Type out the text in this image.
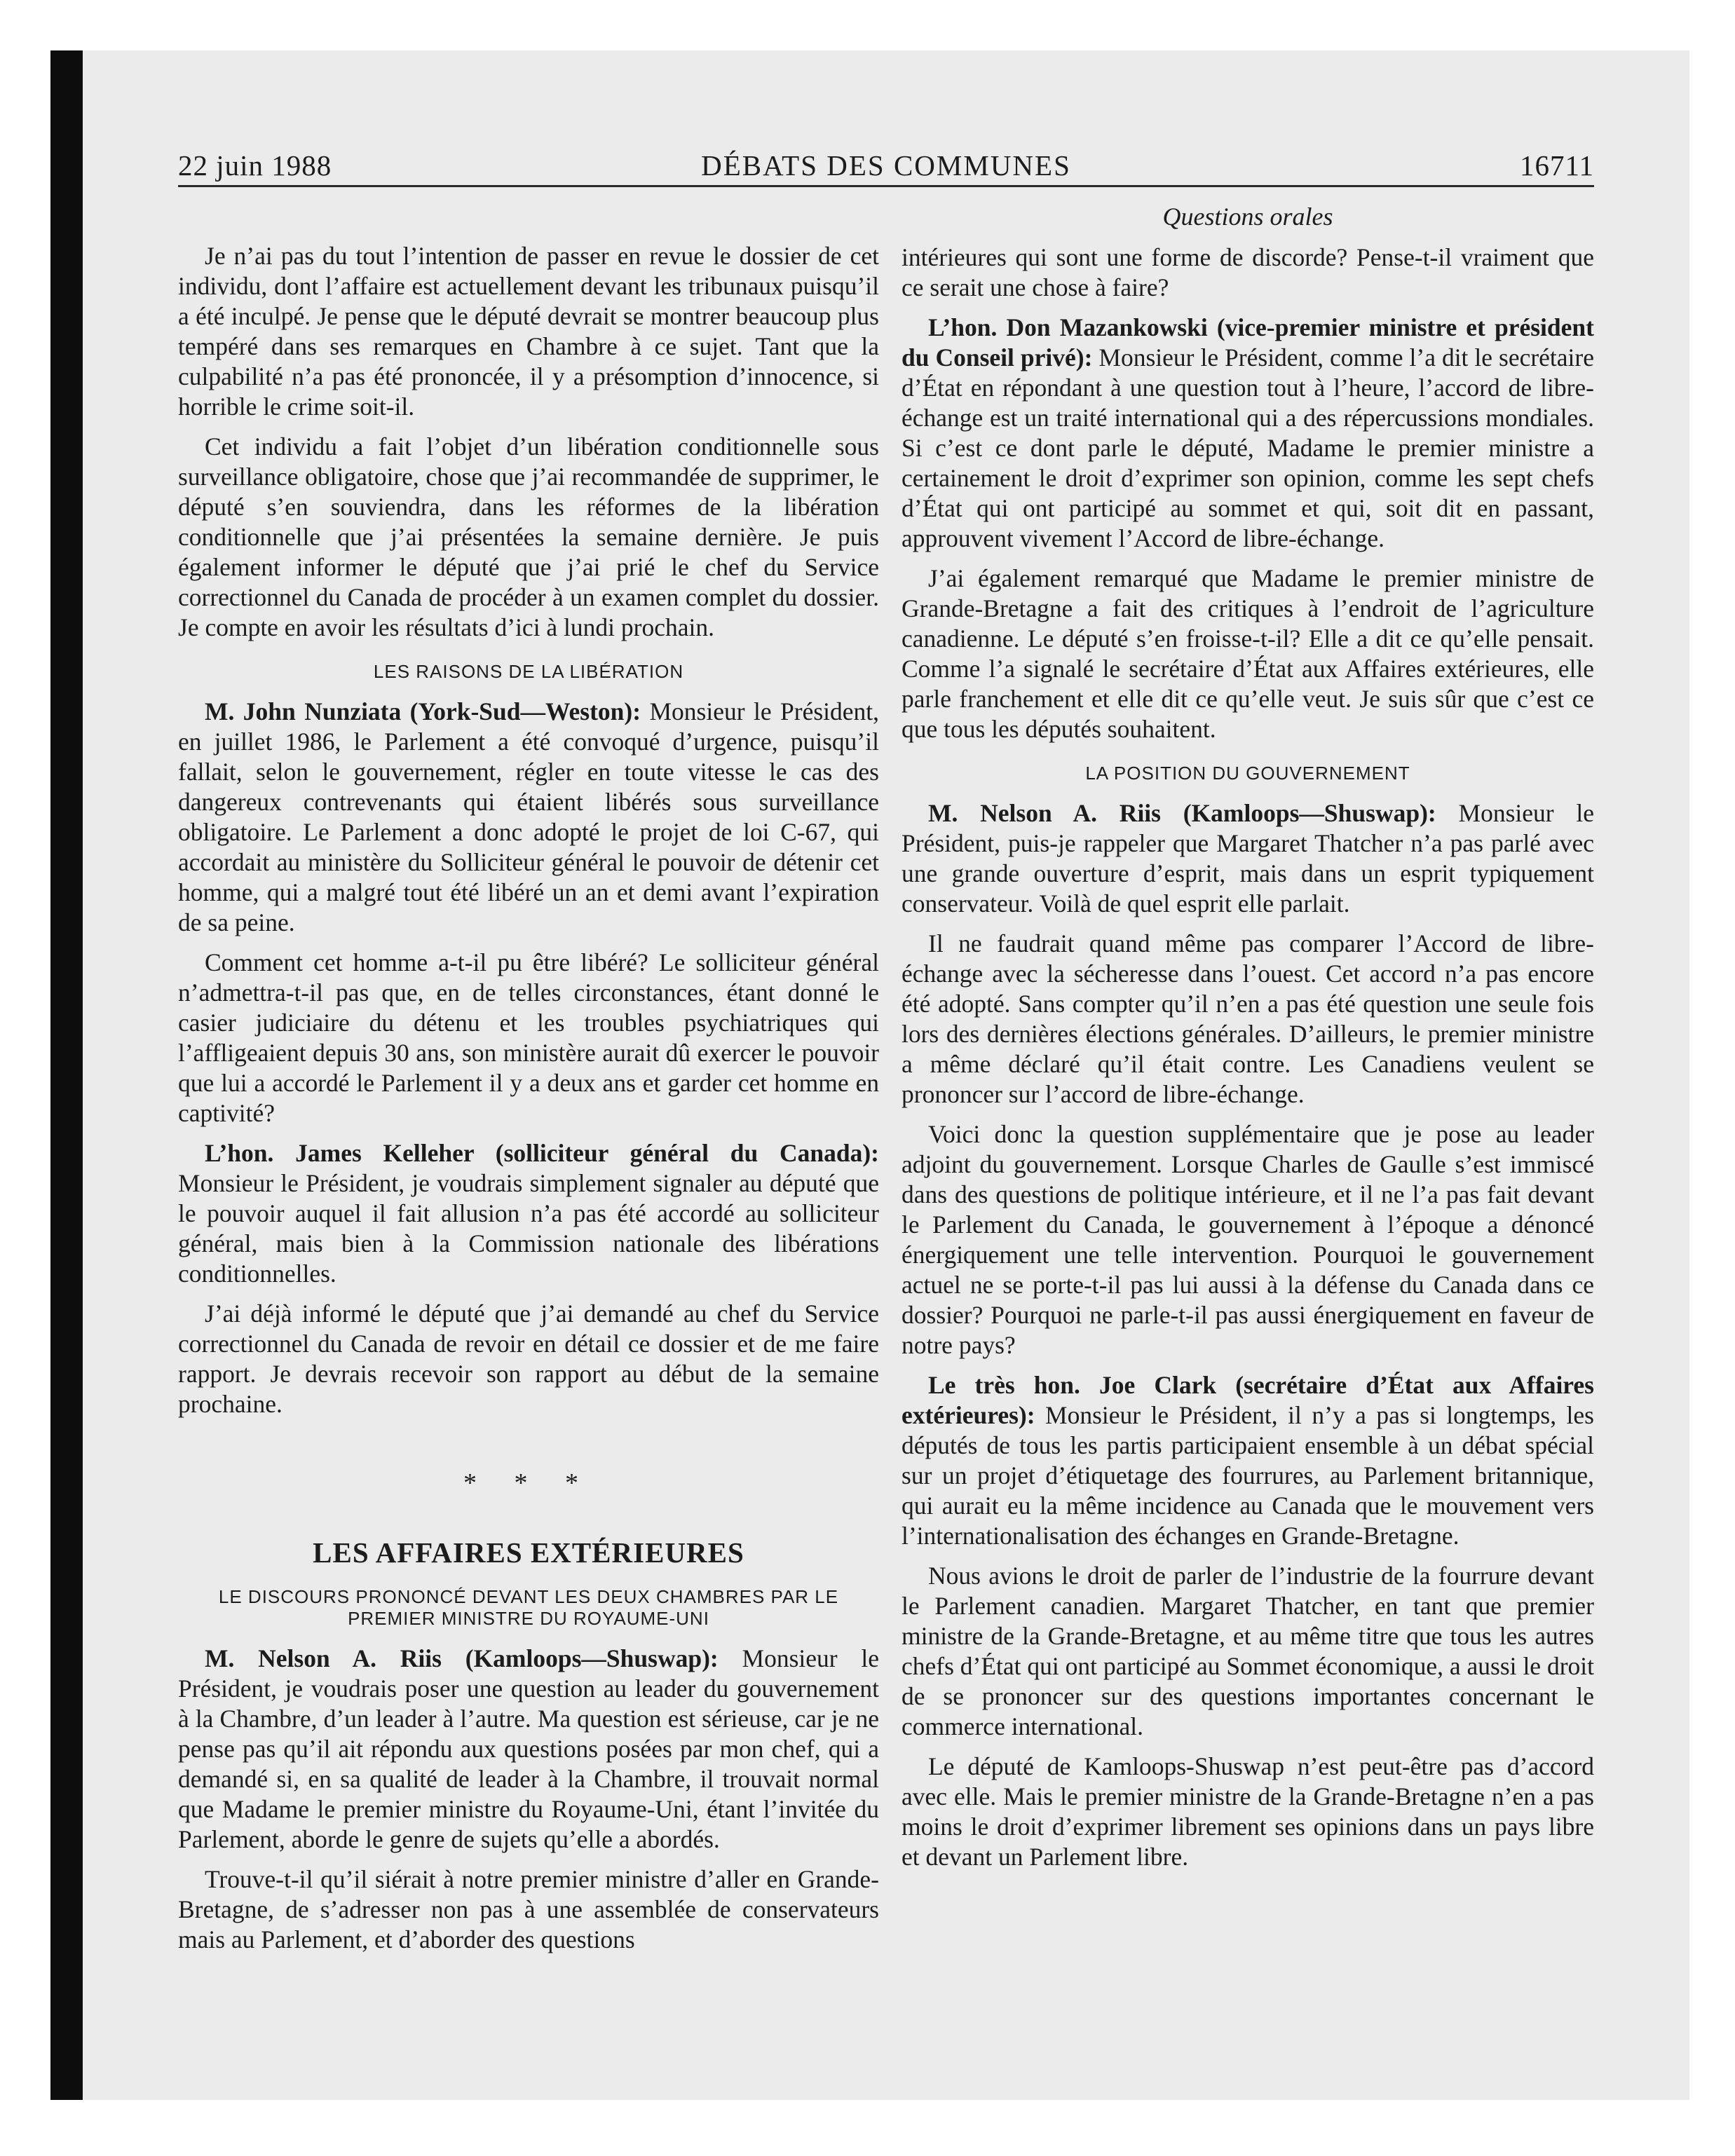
22 juin 1988	DÉBATS DES COMMUNES	16711
Questions orales

Je n’ai pas du tout l’intention de passer en revue le dossier de cet individu, dont l’affaire est actuellement devant les tribunaux puisqu’il a été inculpé. Je pense que le député devrait se montrer beaucoup plus tempéré dans ses remarques en Chambre à ce sujet. Tant que la culpabilité n’a pas été prononcée, il y a présomption d’innocence, si horrible le crime soit-il.

Cet individu a fait l’objet d’un libération conditionnelle sous surveillance obligatoire, chose que j’ai recommandée de supprimer, le député s’en souviendra, dans les réformes de la libération conditionnelle que j’ai présentées la semaine dernière. Je puis également informer le député que j’ai prié le chef du Service correctionnel du Canada de procéder à un examen complet du dossier. Je compte en avoir les résultats d’ici à lundi prochain.

LES RAISONS DE LA LIBÉRATION

M. John Nunziata (York-Sud—Weston): Monsieur le Président, en juillet 1986, le Parlement a été convoqué d’urgence, puisqu’il fallait, selon le gouvernement, régler en toute vitesse le cas des dangereux contrevenants qui étaient libérés sous surveillance obligatoire. Le Parlement a donc adopté le projet de loi C-67, qui accordait au ministère du Solliciteur général le pouvoir de détenir cet homme, qui a malgré tout été libéré un an et demi avant l’expiration de sa peine.

Comment cet homme a-t-il pu être libéré? Le solliciteur général n’admettra-t-il pas que, en de telles circonstances, étant donné le casier judiciaire du détenu et les troubles psychiatriques qui l’affligeaient depuis 30 ans, son ministère aurait dû exercer le pouvoir que lui a accordé le Parlement il y a deux ans et garder cet homme en captivité?

L’hon. James Kelleher (solliciteur général du Canada): Monsieur le Président, je voudrais simplement signaler au député que le pouvoir auquel il fait allusion n’a pas été accordé au solliciteur général, mais bien à la Commission nationale des libérations conditionnelles.

J’ai déjà informé le député que j’ai demandé au chef du Service correctionnel du Canada de revoir en détail ce dossier et de me faire rapport. Je devrais recevoir son rapport au début de la semaine prochaine.

* * *
LES AFFAIRES EXTÉRIEURES
LE DISCOURS PRONONCÉ DEVANT LES DEUX CHAMBRES PAR LE PREMIER MINISTRE DU ROYAUME-UNI

M. Nelson A. Riis (Kamloops—Shuswap): Monsieur le Président, je voudrais poser une question au leader du gouvernement à la Chambre, d’un leader à l’autre. Ma question est sérieuse, car je ne pense pas qu’il ait répondu aux questions posées par mon chef, qui a demandé si, en sa qualité de leader à la Chambre, il trouvait normal que Madame le premier ministre du Royaume-Uni, étant l’invitée du Parlement, aborde le genre de sujets qu’elle a abordés.

Trouve-t-il qu’il siérait à notre premier ministre d’aller en Grande-Bretagne, de s’adresser non pas à une assemblée de conservateurs mais au Parlement, et d’aborder des questions

intérieures qui sont une forme de discorde? Pense-t-il vraiment que ce serait une chose à faire?

L’hon. Don Mazankowski (vice-premier ministre et président du Conseil privé): Monsieur le Président, comme l’a dit le secrétaire d’État en répondant à une question tout à l’heure, l’accord de libre-échange est un traité international qui a des répercussions mondiales. Si c’est ce dont parle le député, Madame le premier ministre a certainement le droit d’exprimer son opinion, comme les sept chefs d’État qui ont participé au sommet et qui, soit dit en passant, approuvent vivement l’Accord de libre-échange.

J’ai également remarqué que Madame le premier ministre de Grande-Bretagne a fait des critiques à l’endroit de l’agriculture canadienne. Le député s’en froisse-t-il? Elle a dit ce qu’elle pensait. Comme l’a signalé le secrétaire d’État aux Affaires extérieures, elle parle franchement et elle dit ce qu’elle veut. Je suis sûr que c’est ce que tous les députés souhaitent.

LA POSITION DU GOUVERNEMENT

M. Nelson A. Riis (Kamloops—Shuswap): Monsieur le Président, puis-je rappeler que Margaret Thatcher n’a pas parlé avec une grande ouverture d’esprit, mais dans un esprit typiquement conservateur. Voilà de quel esprit elle parlait.

Il ne faudrait quand même pas comparer l’Accord de libre-échange avec la sécheresse dans l’ouest. Cet accord n’a pas encore été adopté. Sans compter qu’il n’en a pas été question une seule fois lors des dernières élections générales. D’ailleurs, le premier ministre a même déclaré qu’il était contre. Les Canadiens veulent se prononcer sur l’accord de libre-échange.

Voici donc la question supplémentaire que je pose au leader adjoint du gouvernement. Lorsque Charles de Gaulle s’est immiscé dans des questions de politique intérieure, et il ne l’a pas fait devant le Parlement du Canada, le gouvernement à l’époque a dénoncé énergiquement une telle intervention. Pourquoi le gouvernement actuel ne se porte-t-il pas lui aussi à la défense du Canada dans ce dossier? Pourquoi ne parle-t-il pas aussi énergiquement en faveur de notre pays?

Le très hon. Joe Clark (secrétaire d’État aux Affaires extérieures): Monsieur le Président, il n’y a pas si longtemps, les députés de tous les partis participaient ensemble à un débat spécial sur un projet d’étiquetage des fourrures, au Parlement britannique, qui aurait eu la même incidence au Canada que le mouvement vers l’internationalisation des échanges en Grande-Bretagne.

Nous avions le droit de parler de l’industrie de la fourrure devant le Parlement canadien. Margaret Thatcher, en tant que premier ministre de la Grande-Bretagne, et au même titre que tous les autres chefs d’État qui ont participé au Sommet économique, a aussi le droit de se prononcer sur des questions importantes concernant le commerce international.

Le député de Kamloops-Shuswap n’est peut-être pas d’accord avec elle. Mais le premier ministre de la Grande-Bretagne n’en a pas moins le droit d’exprimer librement ses opinions dans un pays libre et devant un Parlement libre.
